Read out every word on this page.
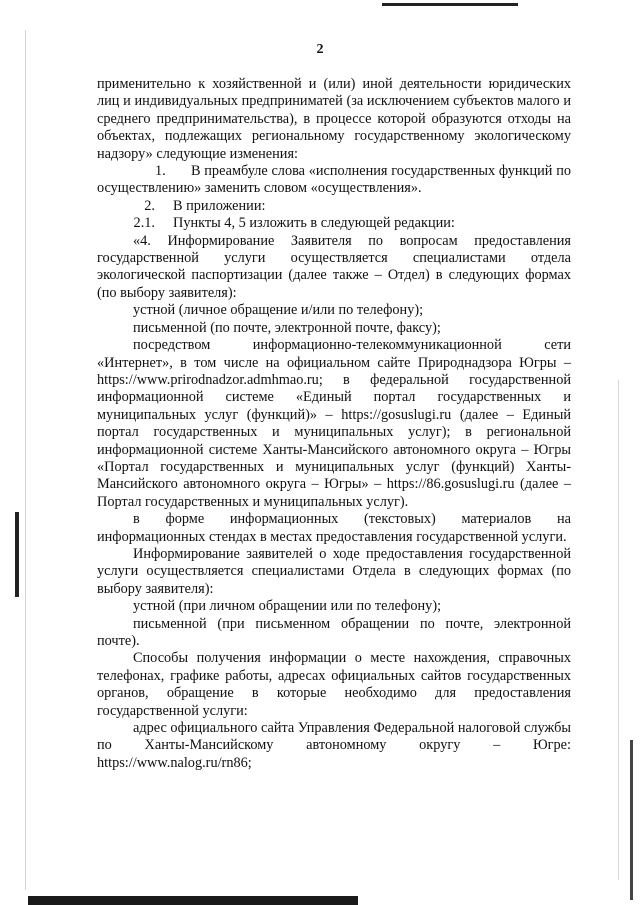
2

применительно к хозяйственной и (или) иной деятельности юридических лиц и индивидуальных предприниматей (за исключением субъектов малого и среднего предпринимательства), в процессе которой образуются отходы на объектах, подлежащих региональному государственному экологическому надзору» следующие изменения:

1. В преамбуле слова «исполнения государственных функций по осуществлению» заменить словом «осуществления».

2.	В приложении:
2.1.	Пункты 4, 5 изложить в следующей редакции:

«4. Информирование Заявителя по вопросам предоставления государственной услуги осуществляется специалистами отдела экологической паспортизации (далее также – Отдел) в следующих формах (по выбору заявителя):

устной (личное обращение и/или по телефону);

письменной (по почте, электронной почте, факсу);

посредством информационно-телекоммуникационной сети «Интернет», в том числе на официальном сайте Природнадзора Югры – https://www.prirodnadzor.admhmao.ru; в федеральной государственной информационной системе «Единый портал государственных и муниципальных услуг (функций)» – https://gosuslugi.ru (далее – Единый портал государственных и муниципальных услуг); в региональной информационной системе Ханты-Мансийского автономного округа – Югры «Портал государственных и муниципальных услуг (функций) Ханты-Мансийского автономного округа – Югры» – https://86.gosuslugi.ru (далее – Портал государственных и муниципальных услуг).

в форме информационных (текстовых) материалов на информационных стендах в местах предоставления государственной услуги.

Информирование заявителей о ходе предоставления государственной услуги осуществляется специалистами Отдела в следующих формах (по выбору заявителя):

устной (при личном обращении или по телефону);

письменной (при письменном обращении по почте, электронной почте).

Способы получения информации о месте нахождения, справочных телефонах, графике работы, адресах официальных сайтов государственных органов, обращение в которые необходимо для предоставления государственной услуги:

адрес официального сайта Управления Федеральной налоговой службы по Ханты-Мансийскому автономному округу – Югре: https://www.nalog.ru/rn86;
